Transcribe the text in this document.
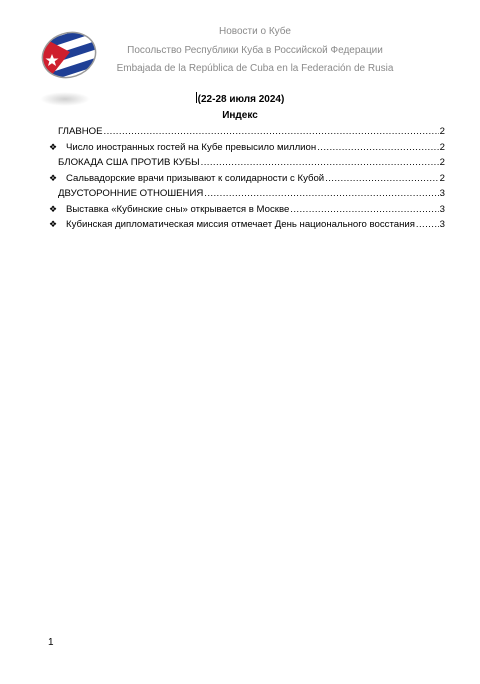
Новости о Кубе
Посольство Республики Куба в Российской Федерации
Embajada de la República de Cuba en la Federación de Rusia
(22-28 июля 2024)
Индекс
ГЛАВНОЕ .....	2
❖ Число иностранных гостей на Кубе превысило миллион .....	2
БЛОКАДА США ПРОТИВ КУБЫ .....	2
❖ Сальвадорские врачи призывают к солидарности с Кубой .....	2
ДВУСТОРОННИЕ ОТНОШЕНИЯ .....	3
❖ Выставка «Кубинские сны» открывается в Москве .....	3
❖ Кубинская дипломатическая миссия отмечает День национального восстания .....	3
1
